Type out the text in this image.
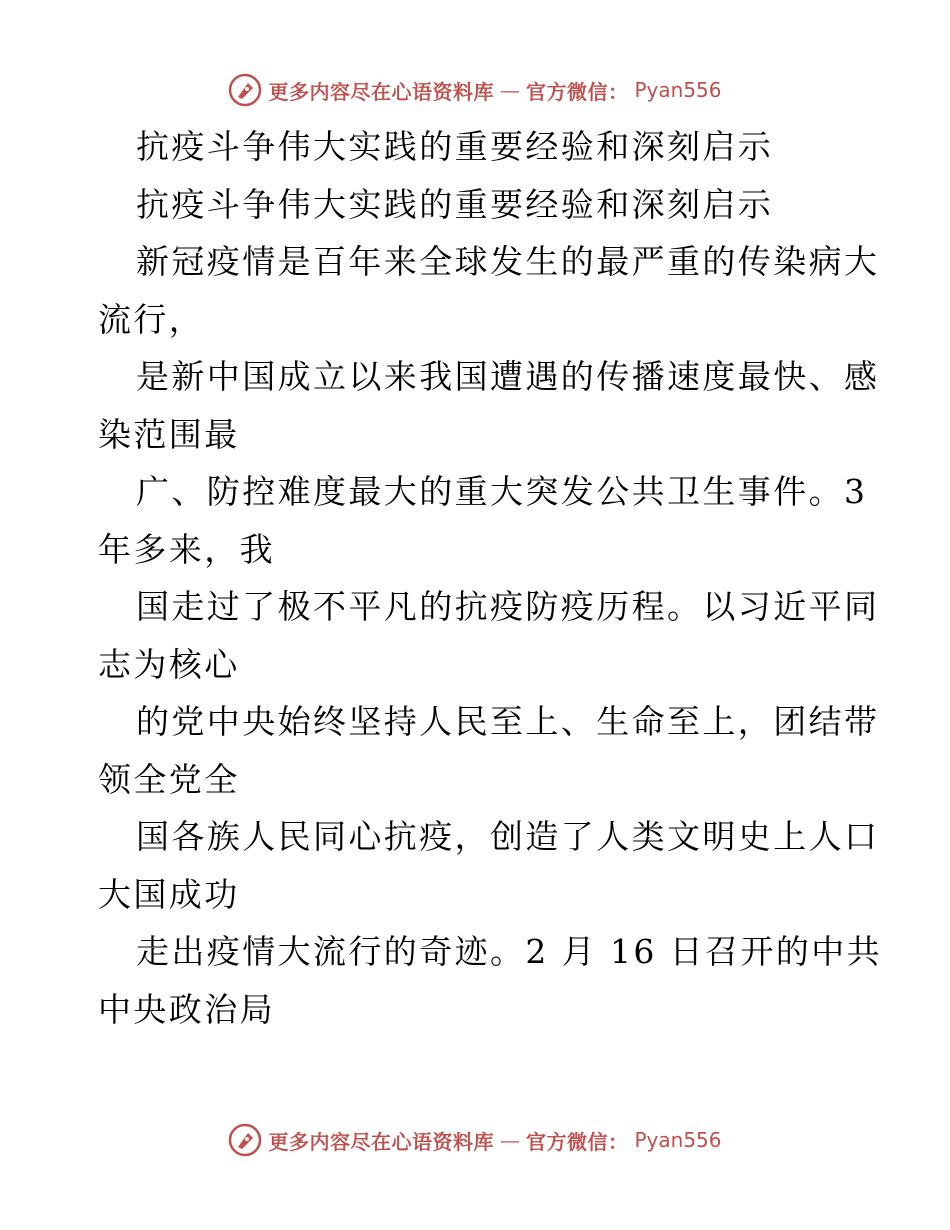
更多内容尽在心语资料库 — 官方微信： Pyan556
抗疫斗争伟大实践的重要经验和深刻启示
抗疫斗争伟大实践的重要经验和深刻启示
新冠疫情是百年来全球发生的最严重的传染病大
流行，
是新中国成立以来我国遭遇的传播速度最快、感
染范围最
广、防控难度最大的重大突发公共卫生事件。3
年多来，我
国走过了极不平凡的抗疫防疫历程。以习近平同
志为核心
的党中央始终坚持人民至上、生命至上，团结带
领全党全
国各族人民同心抗疫，创造了人类文明史上人口
大国成功
走出疫情大流行的奇迹。2 月 16 日召开的中共
中央政治局
更多内容尽在心语资料库 — 官方微信： Pyan556
